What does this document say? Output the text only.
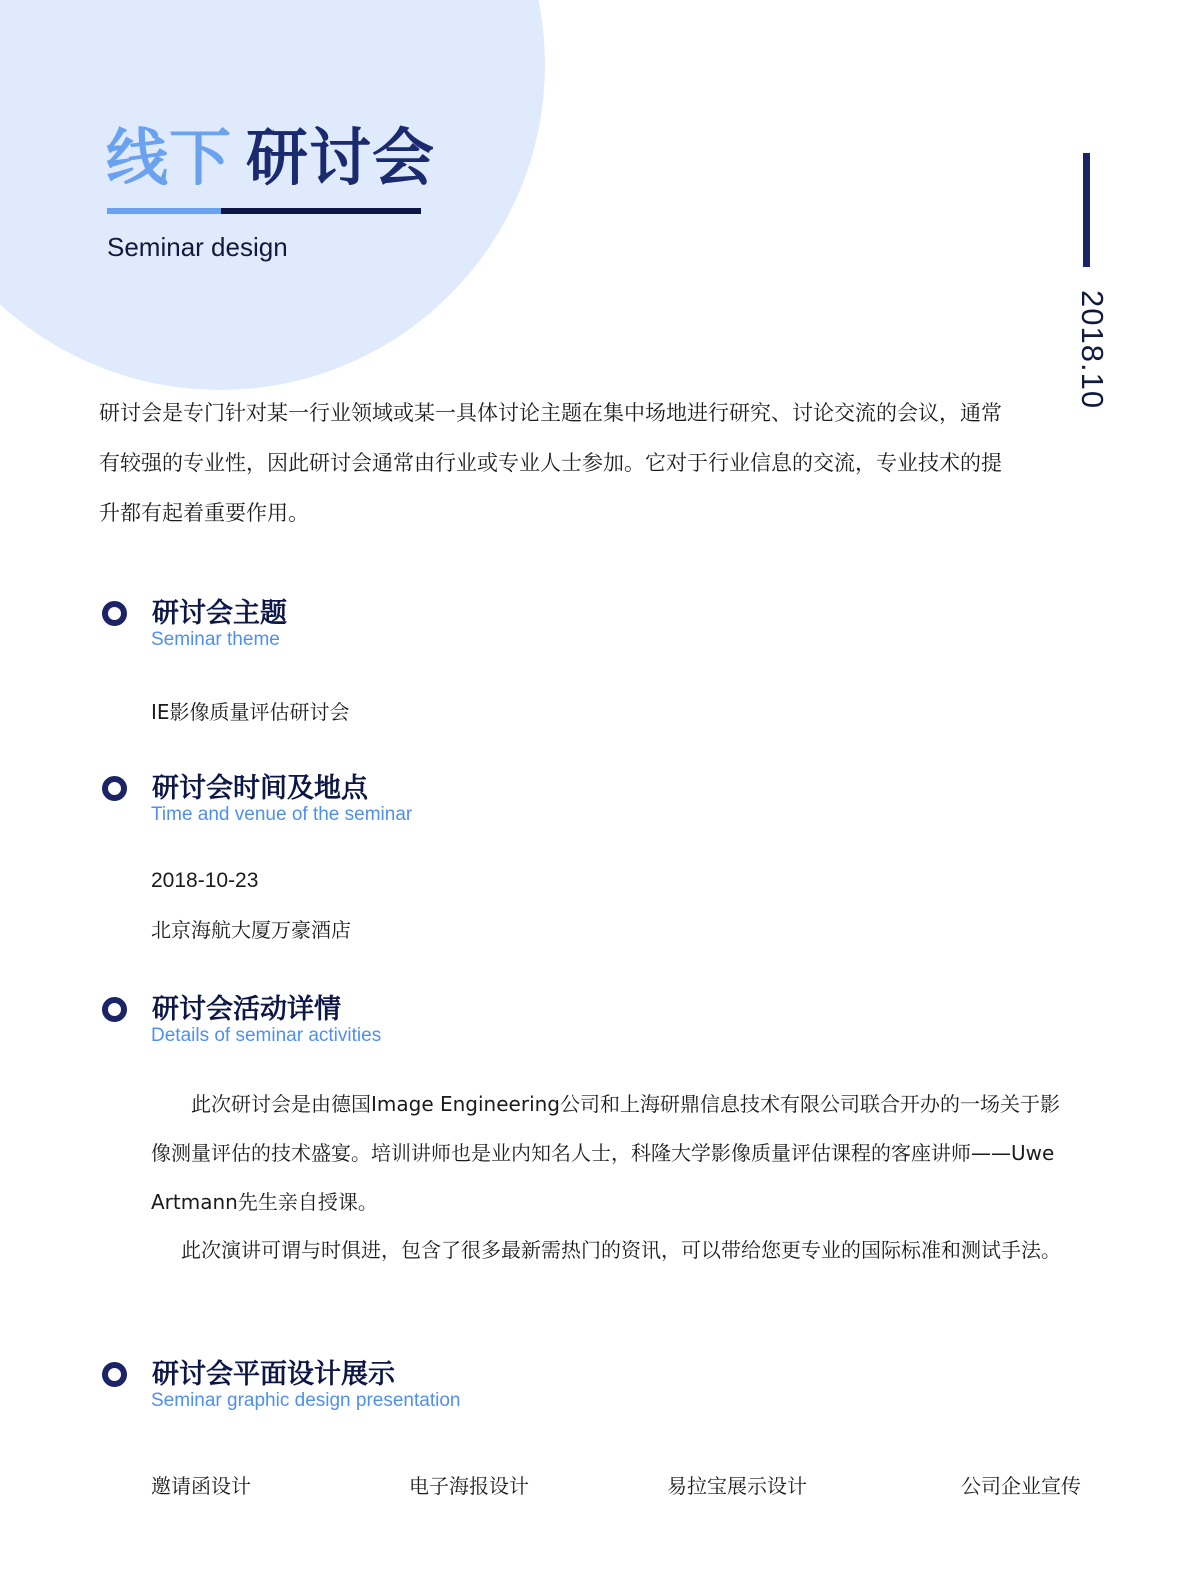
线下 研讨会
Seminar design
2018.10
研讨会是专门针对某一行业领域或某一具体讨论主题在集中场地进行研究、讨论交流的会议，通常有较强的专业性，因此研讨会通常由行业或专业人士参加。它对于行业信息的交流，专业技术的提升都有起着重要作用。
研讨会主题
Seminar theme
IE影像质量评估研讨会
研讨会时间及地点
Time and venue of the seminar
2018-10-23
北京海航大厦万豪酒店
研讨会活动详情
Details of seminar activities

此次研讨会是由德国Image Engineering公司和上海研鼎信息技术有限公司联合开办的一场关于影像测量评估的技术盛宴。培训讲师也是业内知名人士，科隆大学影像质量评估课程的客座讲师——Uwe Artmann先生亲自授课。

此次演讲可谓与时俱进，包含了很多最新需热门的资讯，可以带给您更专业的国际标准和测试手法。

研讨会平面设计展示
Seminar graphic design presentation
邀请函设计	电子海报设计	易拉宝展示设计	公司企业宣传
